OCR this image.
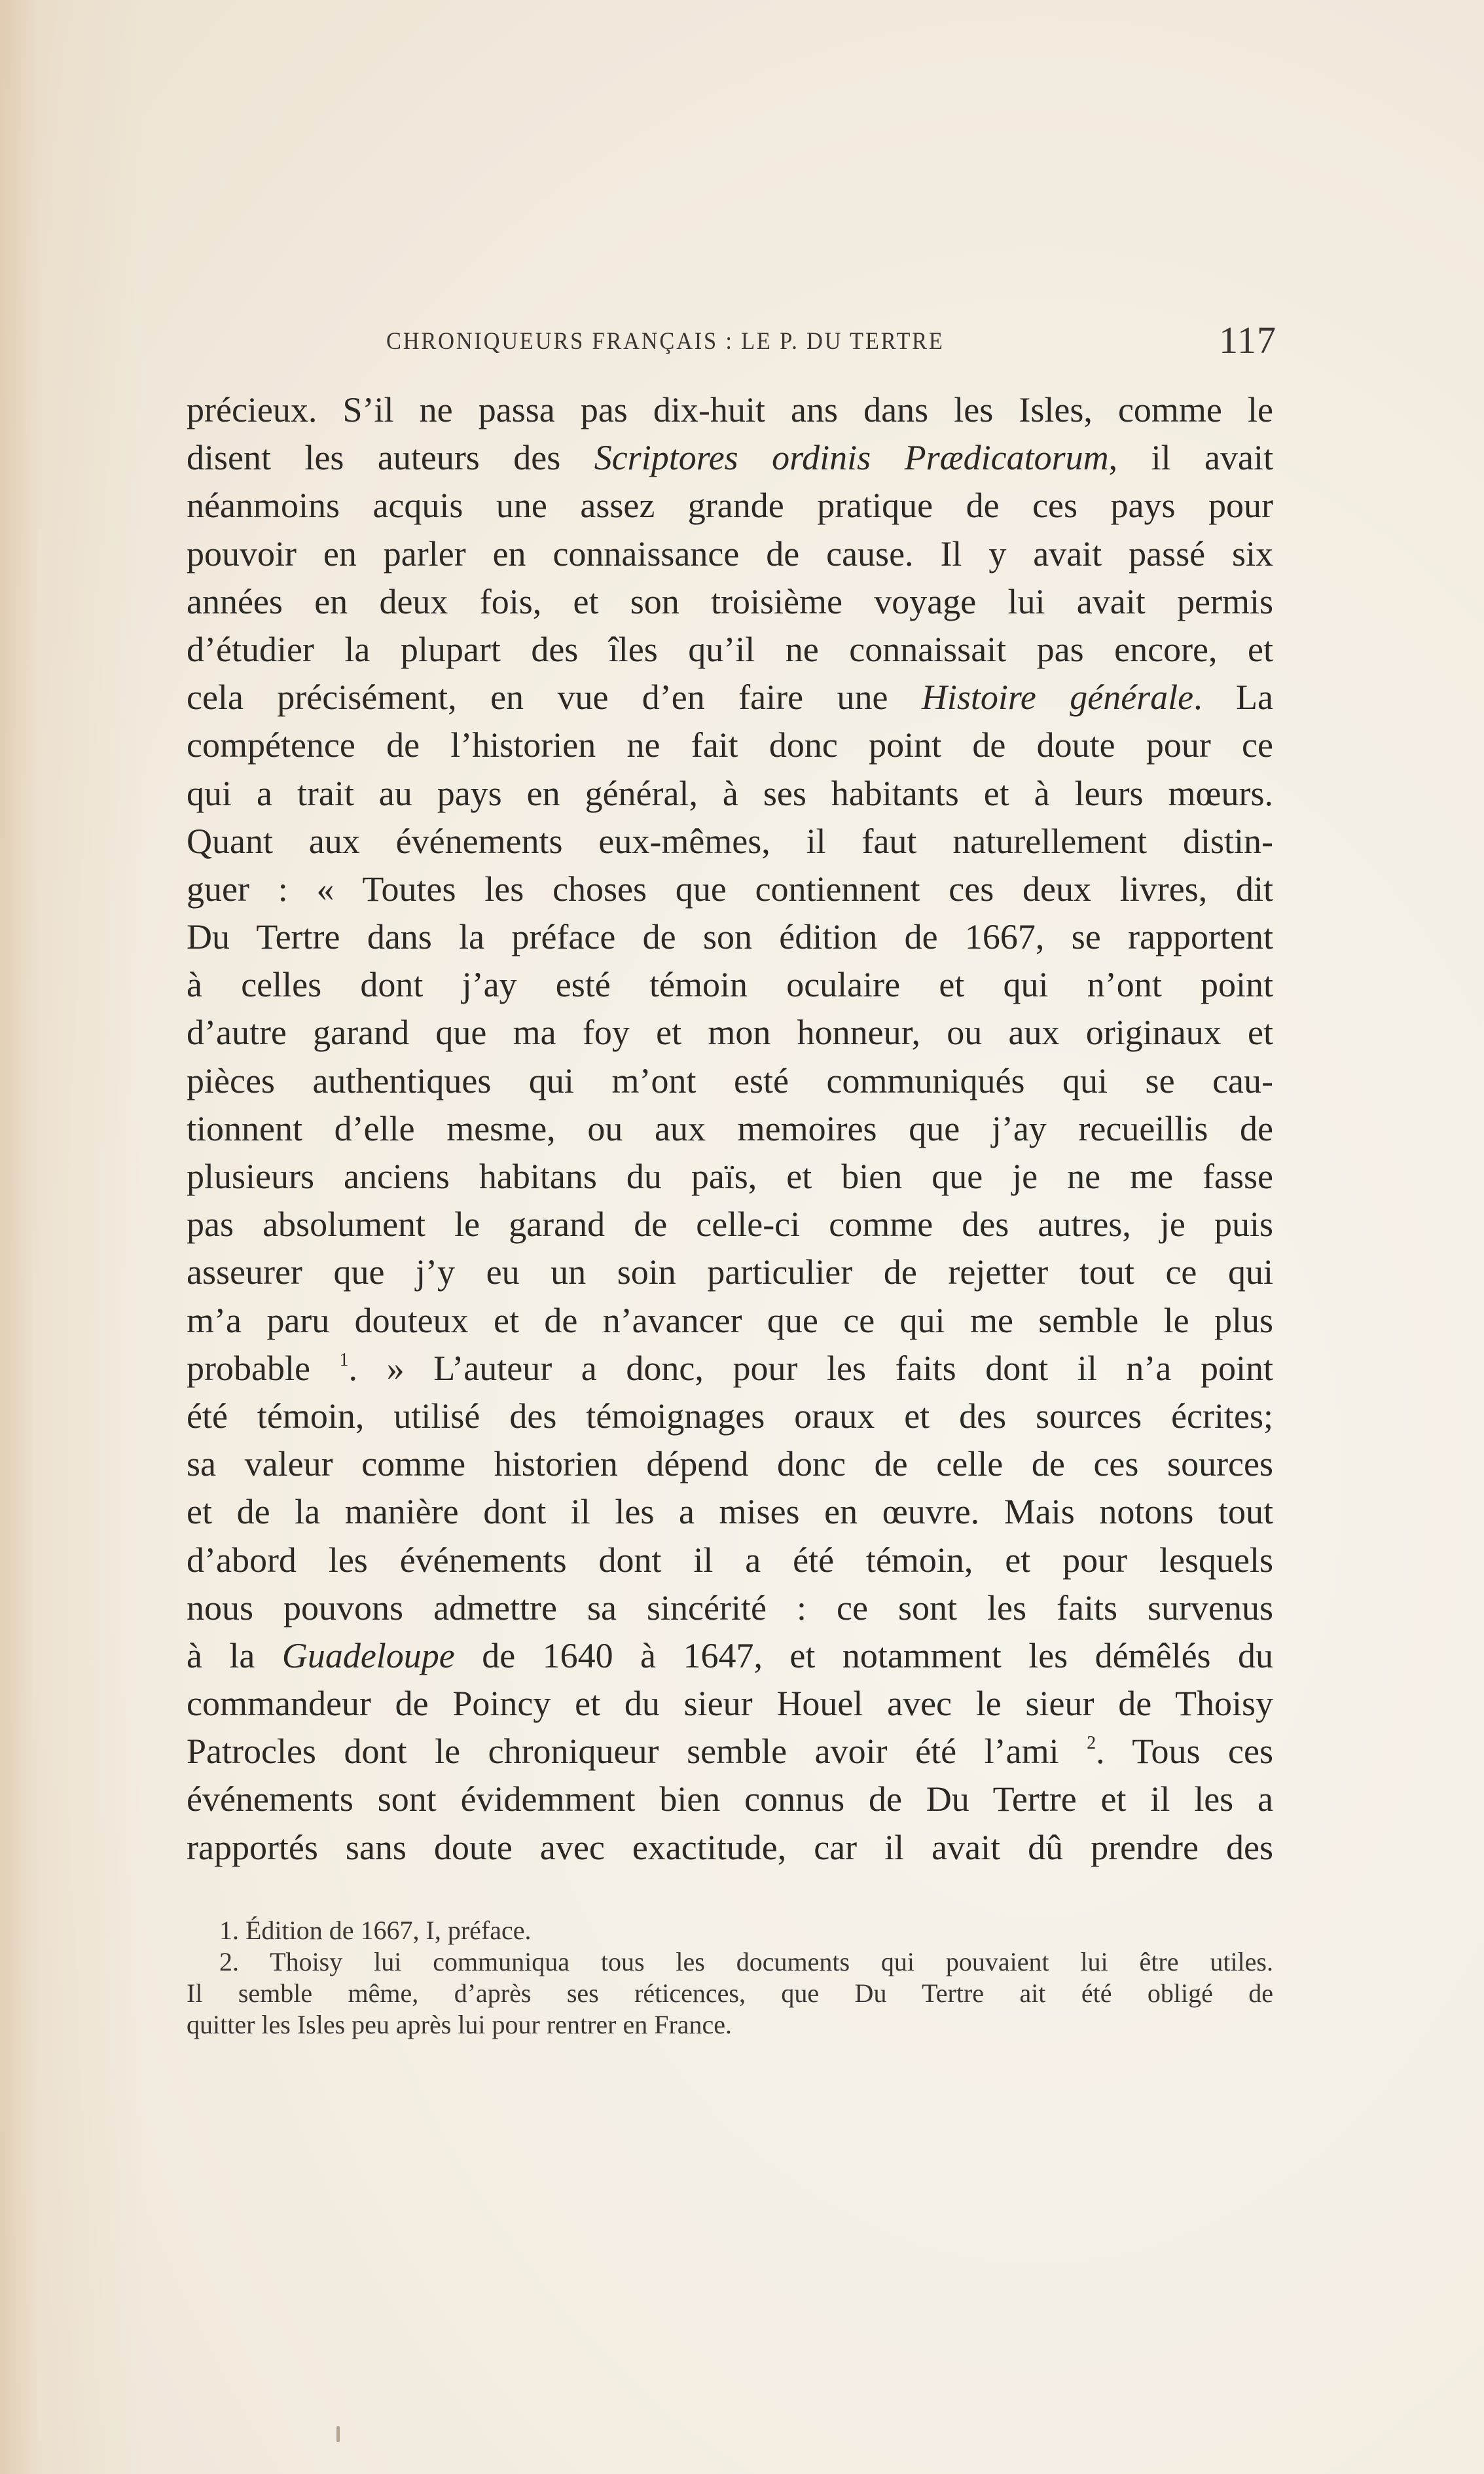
CHRONIQUEURS FRANÇAIS : LE P. DU TERTRE	117
précieux. S’il ne passa pas dix-huit ans dans les Isles, comme le
disent les auteurs des Scriptores ordinis Prædicatorum, il avait
néanmoins acquis une assez grande pratique de ces pays pour
pouvoir en parler en connaissance de cause. Il y avait passé six
années en deux fois, et son troisième voyage lui avait permis
d’étudier la plupart des îles qu’il ne connaissait pas encore, et
cela précisément, en vue d’en faire une Histoire générale. La
compétence de l’historien ne fait donc point de doute pour ce
qui a trait au pays en général, à ses habitants et à leurs mœurs.
Quant aux événements eux-mêmes, il faut naturellement distin-
guer : « Toutes les choses que contiennent ces deux livres, dit
Du Tertre dans la préface de son édition de 1667, se rapportent
à celles dont j’ay esté témoin oculaire et qui n’ont point
d’autre garand que ma foy et mon honneur, ou aux originaux et
pièces authentiques qui m’ont esté communiqués qui se cau-
tionnent d’elle mesme, ou aux memoires que j’ay recueillis de
plusieurs anciens habitans du païs, et bien que je ne me fasse
pas absolument le garand de celle-ci comme des autres, je puis
asseurer que j’y eu un soin particulier de rejetter tout ce qui
m’a paru douteux et de n’avancer que ce qui me semble le plus
probable $^1$. » L’auteur a donc, pour les faits dont il n’a point
été témoin, utilisé des témoignages oraux et des sources écrites;
sa valeur comme historien dépend donc de celle de ces sources
et de la manière dont il les a mises en œuvre. Mais notons tout
d’abord les événements dont il a été témoin, et pour lesquels
nous pouvons admettre sa sincérité : ce sont les faits survenus
à la Guadeloupe de 1640 à 1647, et notamment les démêlés du
commandeur de Poincy et du sieur Houel avec le sieur de Thoisy
Patrocles dont le chroniqueur semble avoir été l’ami $^2$. Tous ces
événements sont évidemment bien connus de Du Tertre et il les a
rapportés sans doute avec exactitude, car il avait dû prendre des
1. Édition de 1667, I, préface.
2. Thoisy lui communiqua tous les documents qui pouvaient lui être utiles.
Il semble même, d’après ses réticences, que Du Tertre ait été obligé de
quitter les Isles peu après lui pour rentrer en France.
